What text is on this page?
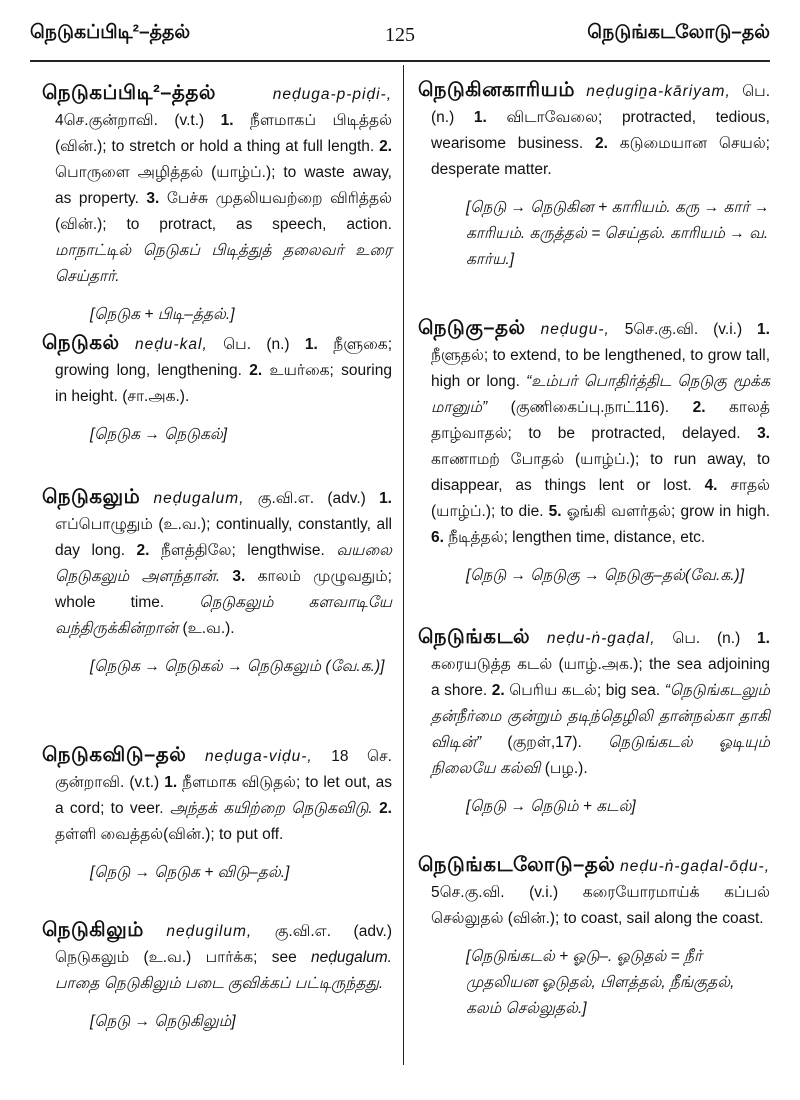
நெடுகப்பிடி²–த்தல்	125	நெடுங்கடலோடு–தல்
நெடுகப்பிடி²–த்தல்	neḍuga-p-piḍi-, 4செ.குன்றாவி. (v.t.) 1. நீளமாகப் பிடித்தல் (வின்.); to stretch or hold a thing at full length. 2. பொருளை அழித்தல் (யாழ்ப்.); to waste away, as property. 3. பேச்சு முதலியவற்றை விரித்தல் (வின்.); to protract, as speech, action. மாநாட்டில் நெடுகப் பிடித்துத் தலைவர் உரை செய்தார்.
[நெடுக + பிடி–த்தல்.]
நெடுகல் neḍu-kal, பெ. (n.) 1. நீளுகை; growing long, lengthening. 2. உயர்கை; souring in height. (சா.அக.).
[நெடுக → நெடுகல்]
நெடுகலும் neḍugalum, கு.வி.எ. (adv.) 1. எப்பொழுதும் (உ.வ.); continually, constantly, all day long. 2. நீளத்திலே; lengthwise. வயலை நெடுகலும் அளந்தான். 3. காலம் முழுவதும்; whole time. நெடுகலும் களவாடியே வந்திருக்கின்றான் (உ.வ.).
[நெடுக → நெடுகல் → நெடுகலும் (வே.க.)]
நெடுகவிடு–தல் neḍuga-viḍu-, 18 செ. குன்றாவி. (v.t.) 1. நீளமாக விடுதல்; to let out, as a cord; to veer. அந்தக் கயிற்றை நெடுகவிடு. 2. தள்ளி வைத்தல்(வின்.); to put off.
[நெடு → நெடுக + விடு–தல்.]
நெடுகிலும் neḍugilum, கு.வி.எ. (adv.) நெடுகலும் (உ.வ.) பார்க்க; see neḍugalum. பாதை நெடுகிலும் படை குவிக்கப் பட்டிருந்தது.
[நெடு → நெடுகிலும்]
நெடுகினகாரியம் neḍugiṉa-kāriyam, பெ. (n.) 1. விடாவேலை; protracted, tedious, wearisome business. 2. கடுமையான செயல்; desperate matter.
[நெடு → நெடுகின + காரியம். கரு → கார் → காரியம். கருத்தல் = செய்தல். காரியம் → வ. கார்ய.]
நெடுகு–தல் neḍugu-, 5செ.கு.வி. (v.i.) 1. நீளுதல்; to extend, to be lengthened, to grow tall, high or long. “உம்பர் பொதிர்த்திட நெடுகு மூக்க மானும்” (குணிகைப்பு.நாட்116). 2. காலத் தாழ்வாதல்; to be protracted, delayed. 3. காணாமற் போதல் (யாழ்ப்.); to run away, to disappear, as things lent or lost. 4. சாதல் (யாழ்ப்.); to die. 5. ஓங்கி வளர்தல்; grow in high. 6. நீடித்தல்; lengthen time, distance, etc.
[நெடு → நெடுகு → நெடுகு–தல்(வே.க.)]
நெடுங்கடல் neḍu-ṅ-gaḍal, பெ. (n.) 1. கரையடுத்த கடல் (யாழ்.அக.); the sea adjoining a shore. 2. பெரிய கடல்; big sea. “நெடுங்கடலும் தன்நீர்மை குன்றும் தடிந்தெழிலி தான்நல்கா தாகி விடின்” (குறள்,17). நெடுங்கடல் ஓடியும் நிலையே கல்வி (பழ.).
[நெடு → நெடும் + கடல்]
நெடுங்கடலோடு–தல் neḍu-ṅ-gaḍal-ōḍu-, 5செ.கு.வி. (v.i.) கரையோரமாய்க் கப்பல் செல்லுதல் (வின்.); to coast, sail along the coast.
[நெடுங்கடல் + ஓடு–. ஓடுதல் = நீர் முதலியன ஓடுதல், பிளத்தல், நீங்குதல், கலம் செல்லுதல்.]
